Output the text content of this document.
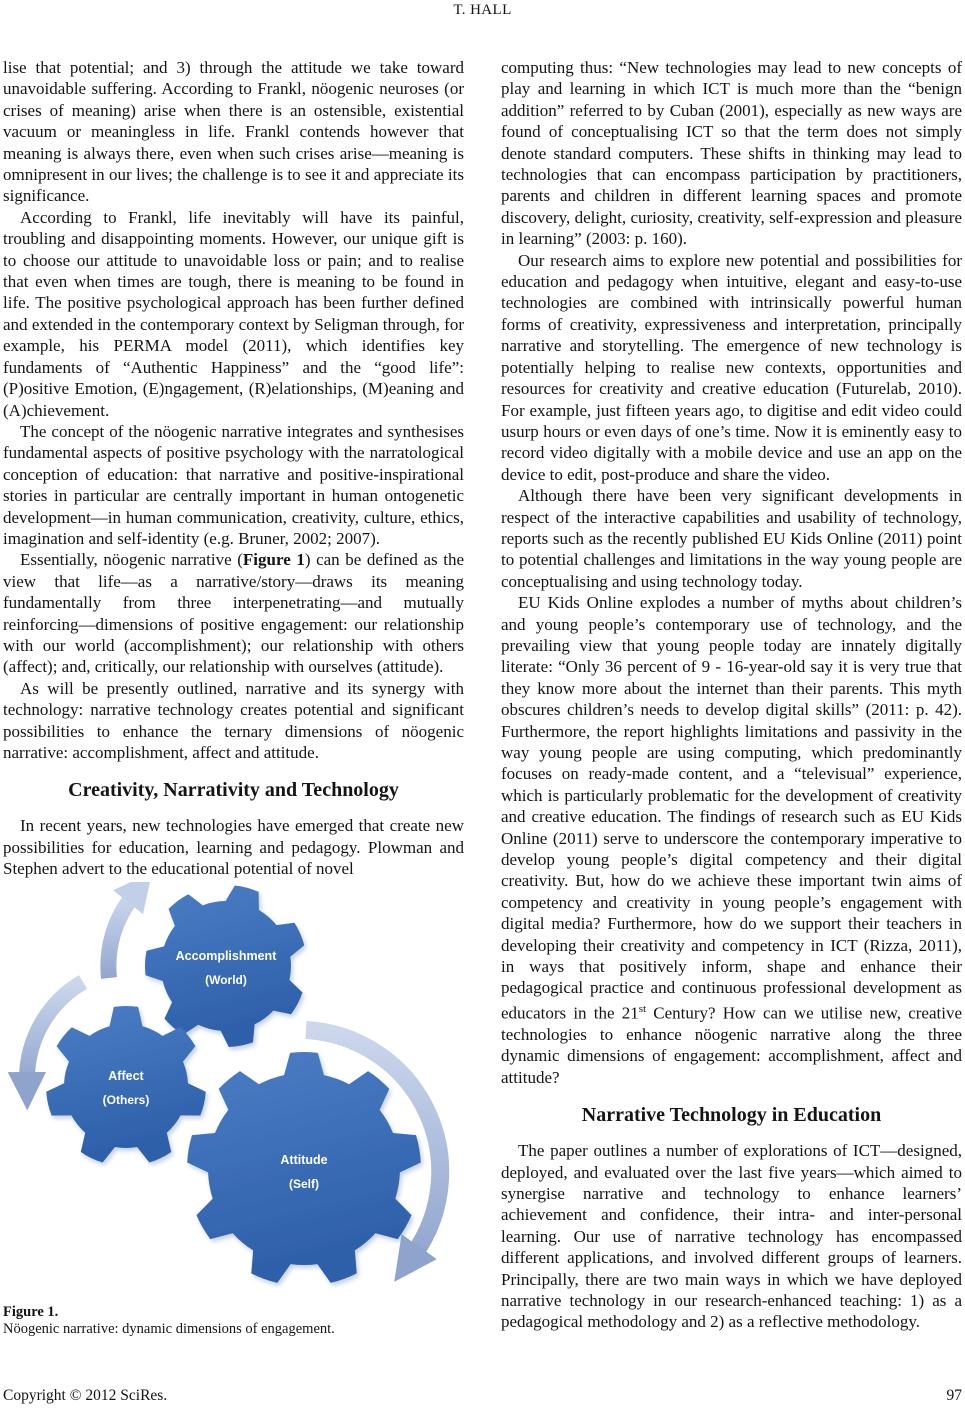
T. HALL

lise that potential; and 3) through the attitude we take toward unavoidable suffering. According to Frankl, nöogenic neuroses (or crises of meaning) arise when there is an ostensible, existential vacuum or meaningless in life. Frankl contends however that meaning is always there, even when such crises arise—meaning is omnipresent in our lives; the challenge is to see it and appreciate its significance.

According to Frankl, life inevitably will have its painful, troubling and disappointing moments. However, our unique gift is to choose our attitude to unavoidable loss or pain; and to realise that even when times are tough, there is meaning to be found in life. The positive psychological approach has been further defined and extended in the contemporary context by Seligman through, for example, his PERMA model (2011), which identifies key fundaments of “Authentic Happiness” and the “good life”: (P)ositive Emotion, (E)ngagement, (R)elationships, (M)eaning and (A)chievement.

The concept of the nöogenic narrative integrates and synthesises fundamental aspects of positive psychology with the narratological conception of education: that narrative and positive-inspirational stories in particular are centrally important in human ontogenetic development—in human communication, creativity, culture, ethics, imagination and self-identity (e.g. Bruner, 2002; 2007).

Essentially, nöogenic narrative (Figure 1) can be defined as the view that life—as a narrative/story—draws its meaning fundamentally from three interpenetrating—and mutually reinforcing—dimensions of positive engagement: our relationship with our world (accomplishment); our relationship with others (affect); and, critically, our relationship with ourselves (attitude).

As will be presently outlined, narrative and its synergy with technology: narrative technology creates potential and significant possibilities to enhance the ternary dimensions of nöogenic narrative: accomplishment, affect and attitude.

Creativity, Narrativity and Technology

In recent years, new technologies have emerged that create new possibilities for education, learning and pedagogy. Plowman and Stephen advert to the educational potential of novel

Accomplishment
(World)
Affect
(Others)
Attitude
(Self)
Figure 1.
Nöogenic narrative: dynamic dimensions of engagement.

computing thus: “New technologies may lead to new concepts of play and learning in which ICT is much more than the “benign addition” referred to by Cuban (2001), especially as new ways are found of conceptualising ICT so that the term does not simply denote standard computers. These shifts in thinking may lead to technologies that can encompass participation by practitioners, parents and children in different learning spaces and promote discovery, delight, curiosity, creativity, self-expression and pleasure in learning” (2003: p. 160).

Our research aims to explore new potential and possibilities for education and pedagogy when intuitive, elegant and easy-to-use technologies are combined with intrinsically powerful human forms of creativity, expressiveness and interpretation, principally narrative and storytelling. The emergence of new technology is potentially helping to realise new contexts, opportunities and resources for creativity and creative education (Futurelab, 2010). For example, just fifteen years ago, to digitise and edit video could usurp hours or even days of one’s time. Now it is eminently easy to record video digitally with a mobile device and use an app on the device to edit, post-produce and share the video.

Although there have been very significant developments in respect of the interactive capabilities and usability of technology, reports such as the recently published EU Kids Online (2011) point to potential challenges and limitations in the way young people are conceptualising and using technology today.

EU Kids Online explodes a number of myths about children’s and young people’s contemporary use of technology, and the prevailing view that young people today are innately digitally literate: “Only 36 percent of 9 - 16-year-old say it is very true that they know more about the internet than their parents. This myth obscures children’s needs to develop digital skills” (2011: p. 42). Furthermore, the report highlights limitations and passivity in the way young people are using computing, which predominantly focuses on ready-made content, and a “televisual” experience, which is particularly problematic for the development of creativity and creative education. The findings of research such as EU Kids Online (2011) serve to underscore the contemporary imperative to develop young people’s digital competency and their digital creativity. But, how do we achieve these important twin aims of competency and creativity in young people’s engagement with digital media? Furthermore, how do we support their teachers in developing their creativity and competency in ICT (Rizza, 2011), in ways that positively inform, shape and enhance their pedagogical practice and continuous professional development as educators in the 21st Century? How can we utilise new, creative technologies to enhance nöogenic narrative along the three dynamic dimensions of engagement: accomplishment, affect and attitude?

Narrative Technology in Education

The paper outlines a number of explorations of ICT—designed, deployed, and evaluated over the last five years—which aimed to synergise narrative and technology to enhance learners’ achievement and confidence, their intra- and inter-personal learning. Our use of narrative technology has encompassed different applications, and involved different groups of learners. Principally, there are two main ways in which we have deployed narrative technology in our research-enhanced teaching: 1) as a pedagogical methodology and 2) as a reflective methodology.

Copyright © 2012 SciRes.	97
